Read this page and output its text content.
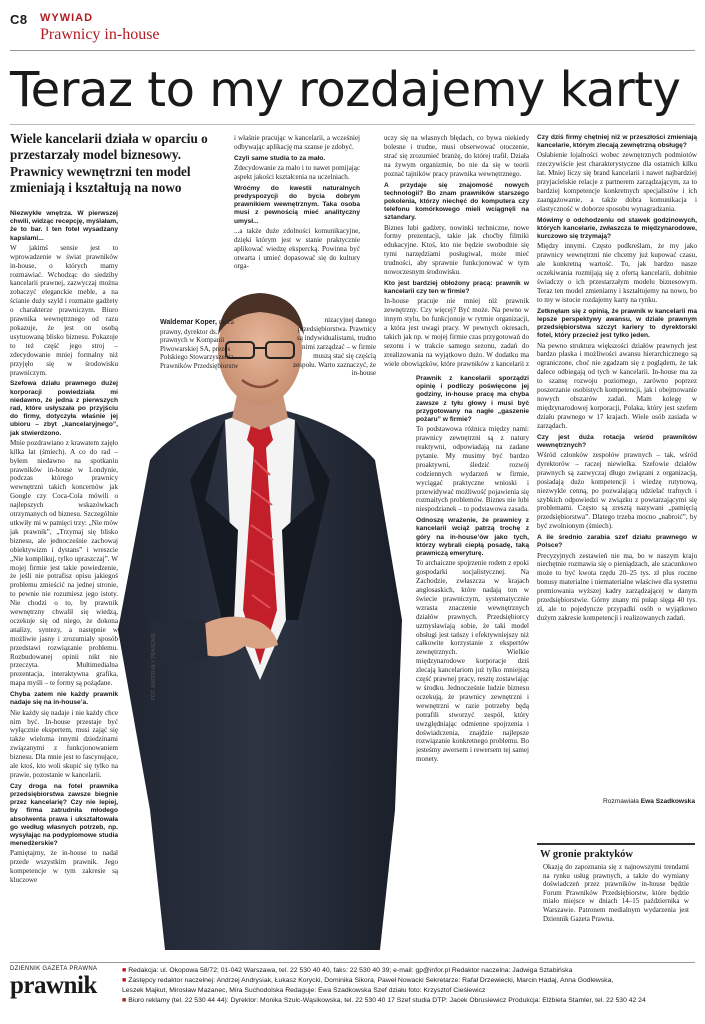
C8 WYWIAD
Prawnicy in-house
Teraz to my rozdajemy karty
Wiele kancelarii działa w oparciu o przestarzały model biznesowy. Prawnicy wewnętrzni ten model zmieniają i kształtują na nowo
FOT. MATERIAŁY PRASOWE
Waldemar Koper, radca prawny, dyrektor ds. prawnych w Kompanii Piwowarskiej SA, prezes Polskiego Stowarzyszenia Prawników Przedsiębiorstw

Niezwykłe wnętrza. W pierwszej chwili, widząc recepcję, myślałam, że to bar. I ten fotel wysadzany kapslami...

W jakimś sensie jest to wprowadzenie w świat prawników in-house, o których mamy rozmawiać. Wchodząc do siedziby kancelarii prawnej, zazwyczaj można zobaczyć eleganckie meble, a na ścianie duży szyld i rozmaite gadżety o charakterze prawniczym. Biuro prawnika wewnętrznego od razu pokazuje, że jest on osobą usytuowaną blisko biznesu. Pokazuje to też część jego stroj – zdecydowanie mniej formalny niż przyjęło się w środowisku prawniczym.

Szefowa działu prawnego dużej korporacji powiedziała mi niedawno, że jedna z pierwszych rad, które usłyszała po przyjściu do firmy, dotyczyła właśnie jej ubioru – zbyt „kancelaryjnego”, jak stwierdzono.

Mnie pozdrawiano z krawatem zajęło kilka lat (śmiech). A co do rad – byłem niedawno na spotkaniu prawników in-house w Londynie, podczas którego prawnicy wewnętrzni takich koncernów jak Google czy Coca-Cola mówili o najlepszych wskazówkach otrzymanych od biznesu. Szczególnie utkwiły mi w pamięci trzy: „Nie mów jak prawnik”, „Trzymaj się blisko biznesu, ale jednocześnie zachowaj obiektywizm i dystans” i wreszcie „Nie komplikuj, tylko upraszczaj”. W mojej firmie jest takie powiedzenie, że jeśli nie potrafisz opisu jakiegoś problemu zmieścić na jednej stronie, to pewnie nie rozumiesz jego istoty. Nie chodzi o to, by prawnik wewnętrzny chwalił się wiedzą, oczekuje się od niego, że dokona analizy, syntezy, a następnie w możliwie jasny i zrozumiały sposób przedstawi rozwiązanie problemu. Rozbudowanej opinii nikt nie przeczyta. Multimedialna prezentacja, interaktywna grafika, mapa myśli – te formy są pożądane.

Chyba zatem nie każdy prawnik nadaje się na in-house’a.

Nie każdy się nadaje i nie każdy chce nim być. In-house przestaje być wyłącznie ekspertem, musi zająć się także wieloma innymi dziedzinami związanymi z funkcjonowaniem biznesu. Dla mnie jest to fascynujące, ale ktoś, kto woli skupić się tylko na prawie, pozostanie w kancelarii.

Czy droga na fotel prawnika przedsiębiorstwa zawsze biegnie przez kancelarię? Czy nie lepiej, by firma zatrudniła młodego absolwenta prawa i ukształtowała go według własnych potrzeb, np. wysyłając na podyplomowe studia menedżerskie?

Pamiętajmy, że in-house to nadal przede wszystkim prawnik. Jego kompetencje w tym zakresie są kluczowe

i właśnie pracując w kancelarii, a wcześniej odbywając aplikację ma szanse je zdobyć.

Czyli same studia to za mało.

Zdecydowanie za mało i to nawet pomijając aspekt jakości kształcenia na uczelniach.

Wróćmy do kwestii naturalnych predyspozycji do bycia dobrym prawnikiem wewnętrznym. Taka osoba musi z pewnością mieć analityczny umysł...

...a także duże zdolności komunikacyjne, dzięki którym jest w stanie praktycznie aplikować wiedzę ekspercką. Powinna być otwarta i umieć dopasować się do kultury orga-

nizacyjnej danego przedsiębiorstwa. Prawnicy są indywidualistami, trudno nimi zarządzać – w firmie muszą stać się częścią zespołu. Warto zaznaczyć, że in-house

uczy się na własnych błędach, co bywa niekiedy bolesne i trudne, musi obserwować otoczenie, strać się zrozumieć branżę, do której trafił. Działa na żywym organizmie, bo nie da się w teorii poznać tajników pracy prawnika wewnętrznego.

A przydaje się znajomość nowych technologii? Bo znam prawników starszego pokolenia, którzy niechęć do komputera czy telefonu komórkowego mieli wciągnęli na sztandary.

Biznes lubi gadżety, nowinki techniczne, nowe formy prezentacji, takie jak choćby filmiki edukacyjne. Ktoś, kto nie będzie swobodnie się tymi narzędziami posługiwał, może mieć trudności, aby sprawnie funkcjonować w tym nowoczesnym środowisku.

Kto jest bardziej obłożony pracą: prawnik w kancelarii czy ten w firmie?

In-house pracuje nie mniej niż prawnik zewnętrzny. Czy więcej? Być może. Na pewno w innym stylu, bo funkcjonuje w rytmie organizacji, a która jest uwagi pracy. W pewnych okresach, takich jak np. w mojej firmie czas przygotowań do sezonu i w trakcie samego sezonu, zadań do zrealizowania na wyjątkowo dużo. W dodatku ma wiele obowiązków, które prawników z kancelarii z

Prawnik z kancelarii sporządzi opinię i podliczy poświęcone jej godziny, in-house pracę ma chyba zawsze z tyłu głowy i musi być przygotowany na nagłe „gaszenie pożaru” w firmie?

To podstawowa różnica między nami: prawnicy zewnętrzni są z natury reaktywni, odpowiadają na zadane pytanie. My musimy być bardzo proaktywni, śledzić rozwój codziennych wydarzeń w firmie, wyciągać praktyczne wnioski i przewidywać możliwość pojawienia się rozmaitych problemów. Biznes nie lubi niespodzianek – to podstawowa zasada.

Odnoszę wrażenie, że prawnicy z kancelarii wciąż patrzą trochę z góry na in-house’ów jako tych, którzy wybrali ciepłą posadę, taką prawniczą emeryturę.

To archaiczne spojrzenie rodem z epoki gospodarki socjalistycznej. Na Zachodzie, zwłaszcza w krajach anglosaskich, które nadają ton w świecie prawniczym, systematycznie wzrasta znaczenie wewnętrznych działów prawnych. Przedsiębiorcy uzmysławiają sobie, że taki model obsługi jest tańszy i efektywniejszy niż całkowite korzystanie z ekspertów zewnętrznych. Wielkie międzynarodowe korporacje dziś zlecają kancelariom już tylko mniejszą część prawnej pracy, resztę zostawiając w środku. Jednocześnie ludzie biznesu oczekują, że prawnicy zewnętrzni i wewnętrzni w razie potrzeby będą potrafili stworzyć zespół, który uwzględniając odmienne spojrzenia i doświadczenia, znajdzie najlepsze rozwiązanie konkretnego problemu. Bo jesteśmy awersem i rewersem tej samej monety.

Czy dziś firmy chętniej niż w przeszłości zmieniają kancelarie, którym zlecają zewnętrzną obsługę?

Osłabienie lojalności wobec zewnętrznych podmiotów rzeczywiście jest charakterystyczne dla ostatnich kilku lat. Mniej liczy się brand kancelarii i nawet najbardziej przyjacielskie relacje z partnerem zarządzającym, za to bardziej kompetencje konkretnych specjalistów i ich zaangażowanie, a także dobra komunikacja i elastyczność w doborze sposobu wynagradzania.

Mówimy o odchodzeniu od stawek godzinowych, których kancelarie, zwłaszcza te międzynarodowe, kurczowo się trzymają?

Między innymi. Często podkreślam, że my jako prawnicy wewnętrzni nie chcemy już kupować czasu, ale konkretną wartość. To, jak bardzo nasze oczekiwania rozmijają się z ofertą kancelarii, dobitnie świadczy o ich przestarzałym modelu biznesowym. Teraz ten model zmieniamy i kształtujemy na nowo, bo to my w istocie rozdajemy karty na rynku.

Zetknęłam się z opinią, że prawnik w kancelarii ma lepsze perspektywy awansu, w dziale prawnym przedsiębiorstwa szczyt kariery to dyrektorski fotel, który przecież jest tylko jeden.

Na pewno struktura większości działów prawnych jest bardzo płaska i możliwości awansu hierarchicznego są ograniczone, choć nie zgadzam się z poglądem, że tak dalece odbiegają od tych w kancelarii. In-house ma za to szansę rozwoju poziomego, zarówno poprzez poszerzanie osobistych kompetencji, jak i obejmowanie nowych obszarów zadań. Mam kolegę w międzynarodowej korporacji, Polaka, który jest szefem działu prawnego w 17 krajach. Wiele osób zasiada w zarządach.

Czy jest duża rotacja wśród prawników wewnętrznych?

Wśród członków zespołów prawnych – tak, wśród dyrektorów – raczej niewielka. Szefowie działów prawnych są zazwyczaj długo związani z organizacją, posiadają dużo kompetencji i wiedzę rutynową, niezwykle cenną, po pozwalającą udzielać trafnych i szybkich odpowiedzi w związku z powtarzającymi się problemami. Często są zresztą nazywani „pamięcią przedsiębiorstwa”. Dlatego trzeba mocno „nabroić”, by być zwolnionym (śmiech).

A ile średnio zarabia szef działu prawnego w Polsce?

Precyzyjnych zestawień nie ma, bo w naszym kraju niechętnie rozmawia się o pieniądzach, ale szacunkowo może to być kwota rzędu 20–25 tys. zł plus roczne bonusy materialne i niematerialne właściwe dla systemu premiowania wyższej kadry zarządzającej w danym przedsiębiorstwie. Górny znany mi pułap sięga 40 tys. zł, ale to pojedyncze przypadki osób o wyjątkowo dużym zakresie kompetencji i realizowanych zadań.

Rozmawiała Ewa Szadkowska
W gronie praktyków
Okazją do zapoznania się z najnowszymi trendami na rynku usług prawnych, a także do wymiany doświadczeń przez prawników in-house będzie Forum Prawników Przedsiębiorstw, które będzie miało miejsce w dniach 14–15 października w Warszawie. Patronem medialnym wydarzenia jest Dziennik Gazeta Prawna.
DZIENNIK GAZETA PRAWNA
prawnik
■ Redakcja: ul. Okopowa 58/72; 01-042 Warszawa, tel. 22 530 40 40, faks: 22 530 40 39; e-mail: gp@infor.pl Redaktor naczelna: Jadwiga Sztabińska
■ Zastępcy redaktor naczelnej: Andrzej Andrysiak, Łukasz Korycki, Dominika Sikora, Paweł Nowacki Sekretarze: Rafał Drzewiecki, Marcin Hadaj, Anna Godlewska,
Leszek Majkut, Mirosław Mazanec, Mira Suchodolska Redaguje: Ewa Szadkowska Szef działu foto: Krzysztof Cieślewicz
■ Biuro reklamy (tel. 22 530 44 44): Dyrektor: Monika Szulc-Wąsikowska, tel. 22 530 40 17 Szef studia DTP: Jacek Obrusiewicz Produkcja: Elżbieta Stamler, tel. 22 530 42 24
